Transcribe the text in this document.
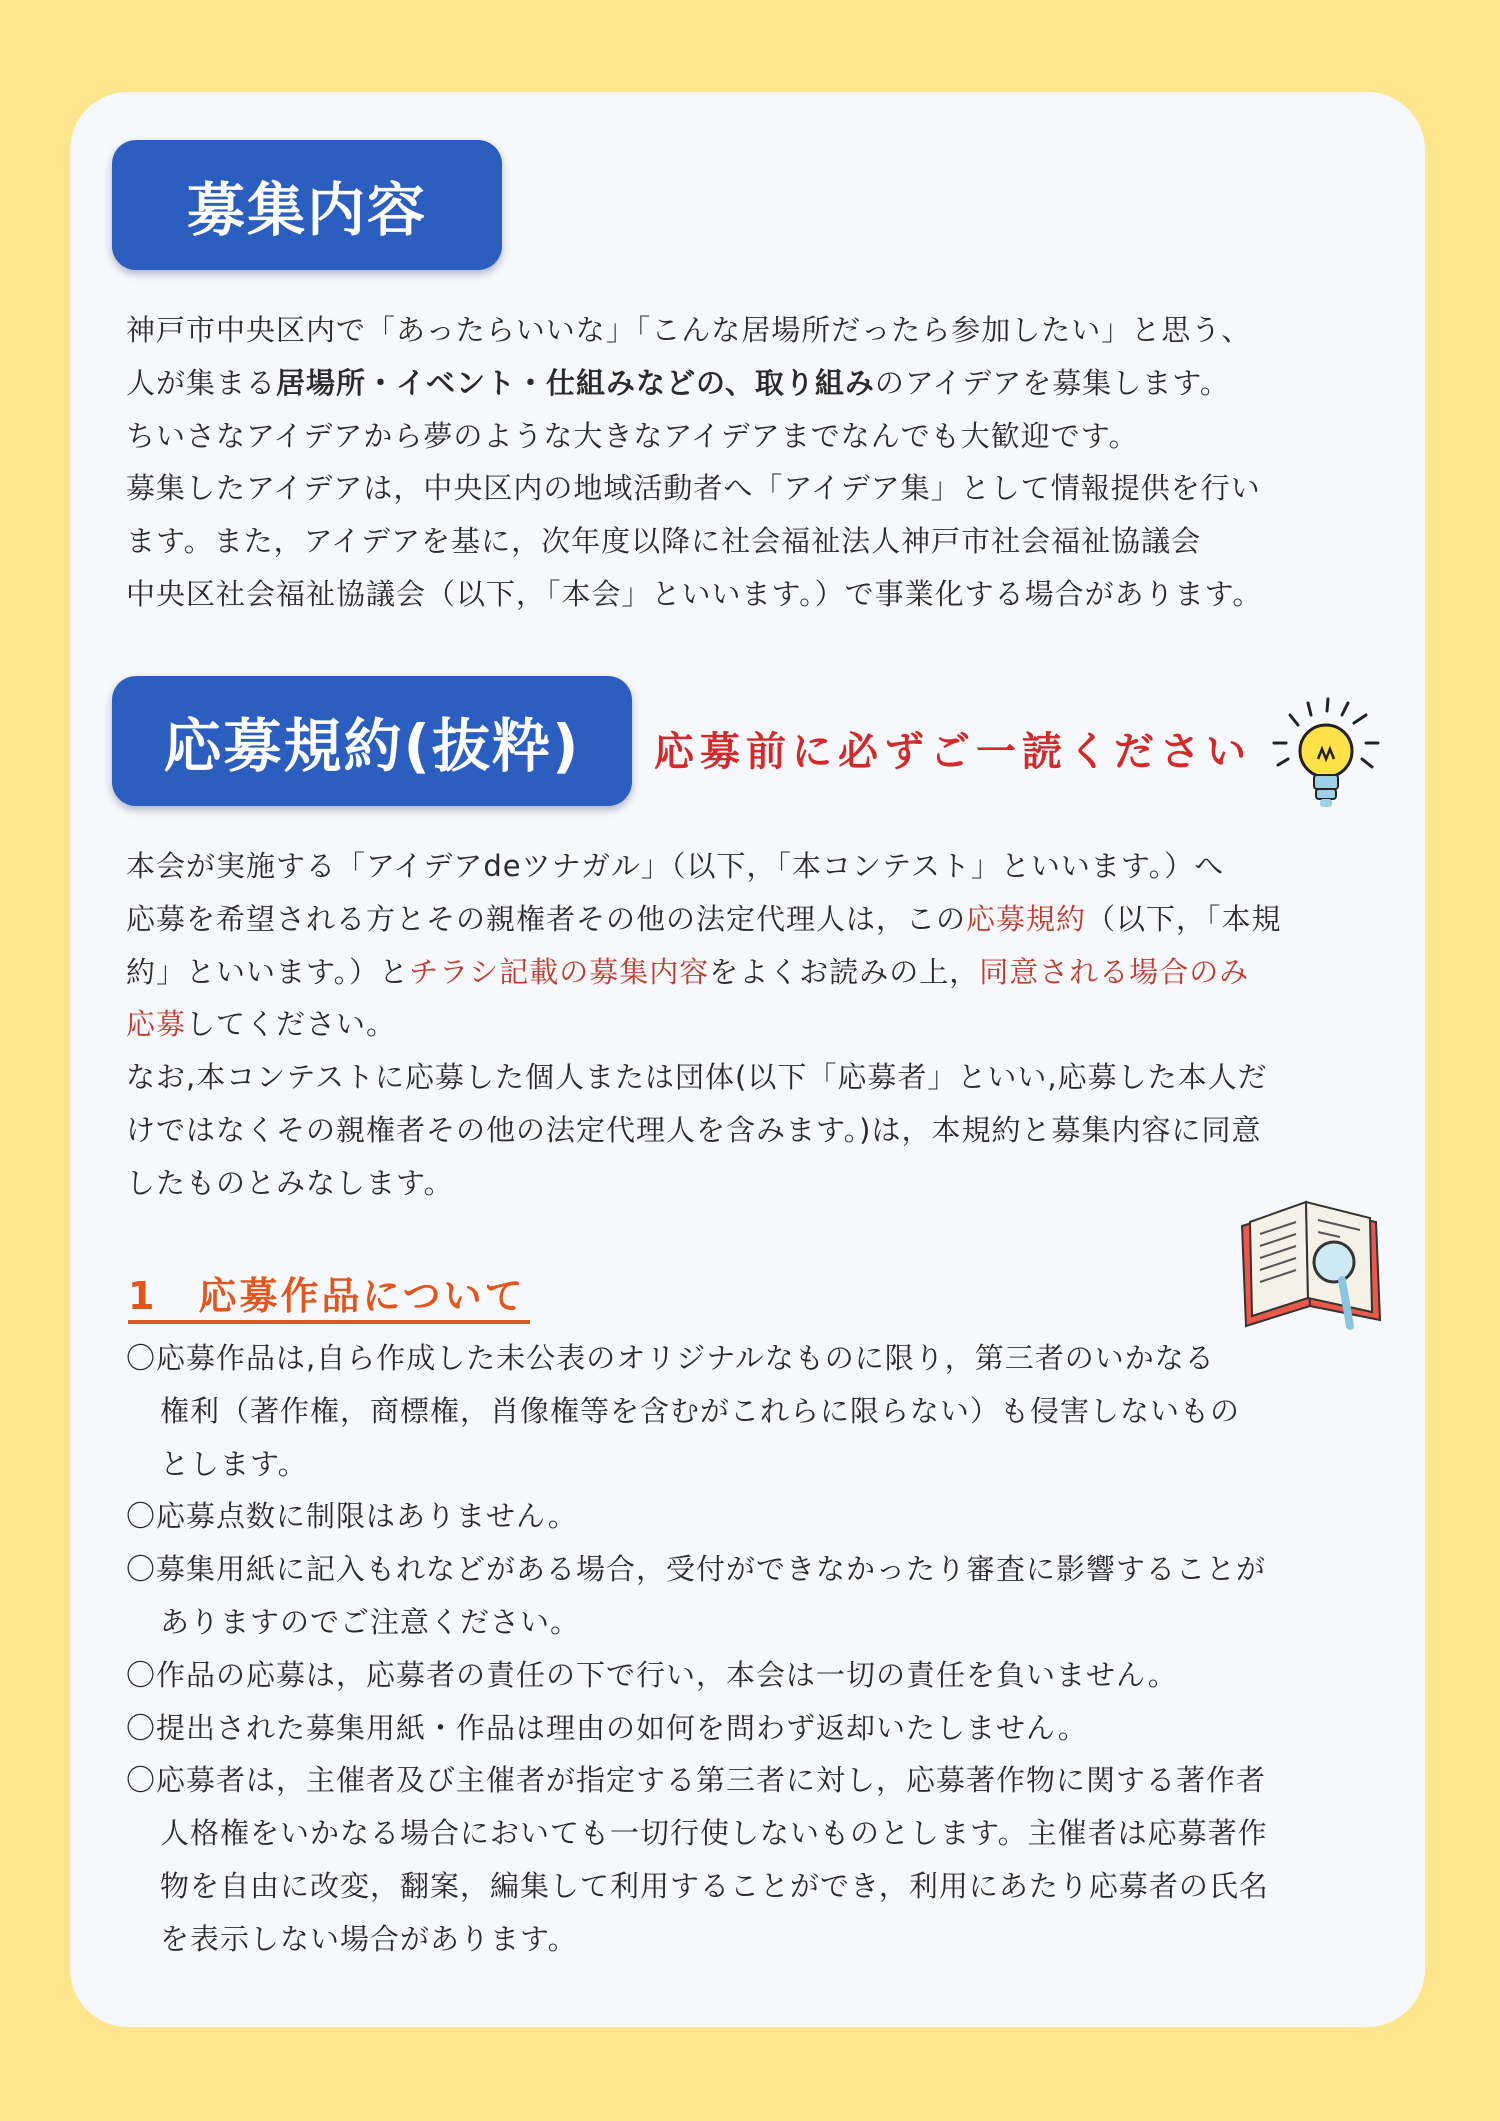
募集内容
神戸市中央区内で「あったらいいな」「こんな居場所だったら参加したい」と思う、
人が集まる居場所・イベント・仕組みなどの、取り組みのアイデアを募集します。
ちいさなアイデアから夢のような大きなアイデアまでなんでも大歓迎です。
募集したアイデアは，中央区内の地域活動者へ「アイデア集」として情報提供を行い
ます。また，アイデアを基に，次年度以降に社会福祉法人神戸市社会福祉協議会
中央区社会福祉協議会（以下，「本会」といいます。）で事業化する場合があります。
応募規約(抜粋)	応募前に必ずご一読ください
本会が実施する「アイデアdeツナガル」（以下，「本コンテスト」といいます。）へ
応募を希望される方とその親権者その他の法定代理人は，この応募規約（以下，「本規
約」といいます。）とチラシ記載の募集内容をよくお読みの上，同意される場合のみ
応募してください。
なお,本コンテストに応募した個人または団体(以下「応募者」といい,応募した本人だ
けではなくその親権者その他の法定代理人を含みます。)は，本規約と募集内容に同意
したものとみなします。
1　応募作品について
〇応募作品は,自ら作成した未公表のオリジナルなものに限り，第三者のいかなる
権利（著作権，商標権，肖像権等を含むがこれらに限らない）も侵害しないもの
とします。
〇応募点数に制限はありません。
〇募集用紙に記入もれなどがある場合，受付ができなかったり審査に影響することが
ありますのでご注意ください。
〇作品の応募は，応募者の責任の下で行い，本会は一切の責任を負いません。
〇提出された募集用紙・作品は理由の如何を問わず返却いたしません。
〇応募者は，主催者及び主催者が指定する第三者に対し，応募著作物に関する著作者
人格権をいかなる場合においても一切行使しないものとします。主催者は応募著作
物を自由に改変，翻案，編集して利用することができ，利用にあたり応募者の氏名
を表示しない場合があります。
